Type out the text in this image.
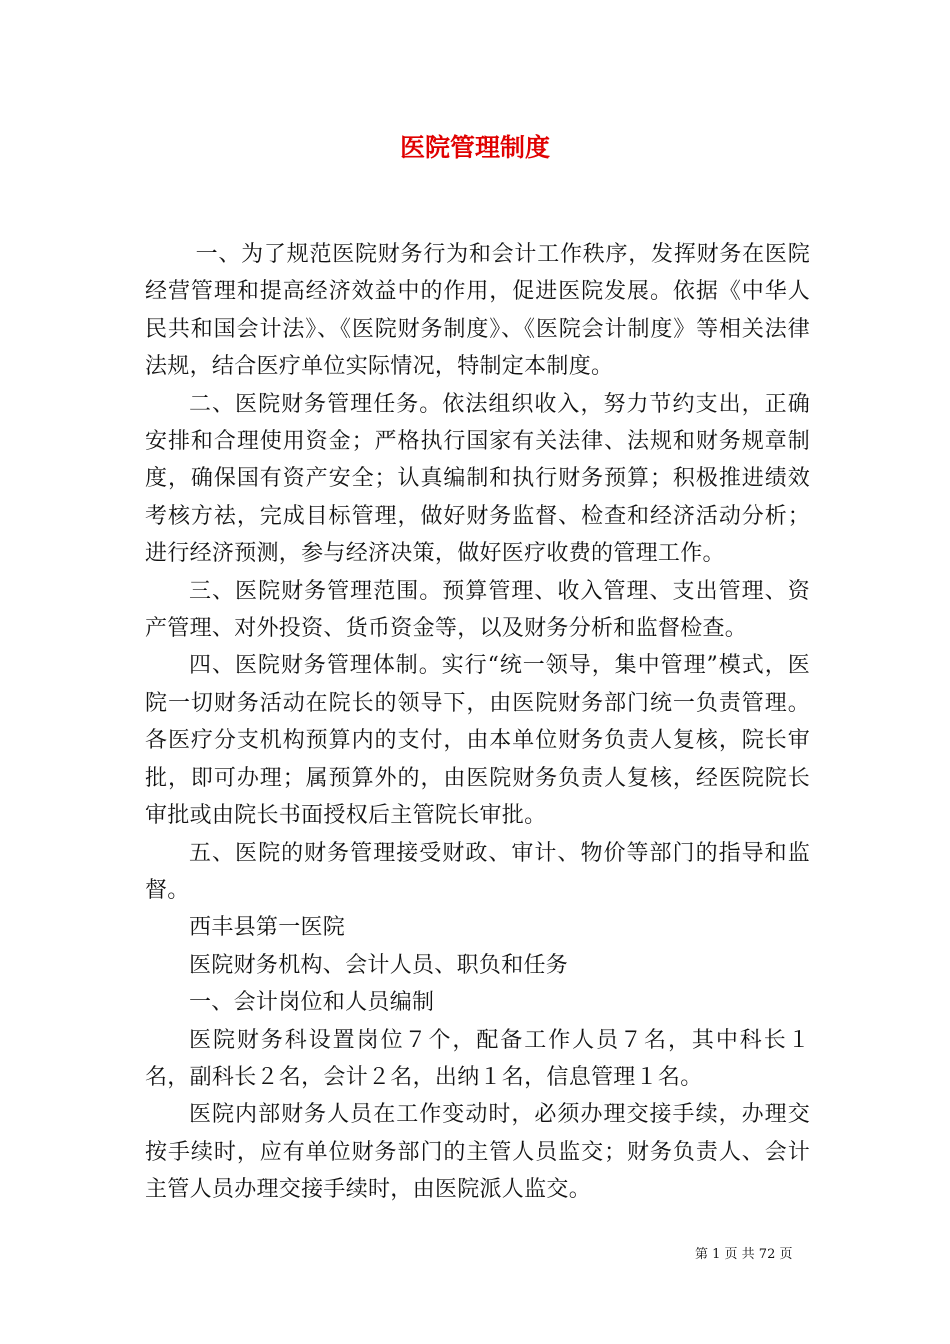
医院管理制度

一、为了规范医院财务行为和会计工作秩序，发挥财务在医院经营管理和提高经济效益中的作用，促进医院发展。依据《中华人民共和国会计法》、《医院财务制度》、《医院会计制度》等相关法律法规，结合医疗单位实际情况，特制定本制度。

二、医院财务管理任务。依法组织收入，努力节约支出，正确安排和合理使用资金；严格执行国家有关法律、法规和财务规章制度，确保国有资产安全；认真编制和执行财务预算；积极推进绩效考核方祛，完成目标管理，做好财务监督、检查和经济活动分析；进行经济预测，参与经济决策，做好医疗收费的管理工作。

三、医院财务管理范围。预算管理、收入管理、支出管理、资产管理、对外投资、货币资金等，以及财务分析和监督检查。

四、医院财务管理体制。实行“统一领导，集中管理”模式，医院一切财务活动在院长的领导下，由医院财务部门统一负责管理。各医疗分支机构预算内的支付，由本单位财务负责人复核，院长审批，即可办理；属预算外的，由医院财务负责人复核，经医院院长审批或由院长书面授权后主管院长审批。

五、医院的财务管理接受财政、审计、物价等部门的指导和监督。

西丰县第一医院

医院财务机构、会计人员、职负和任务

一、会计岗位和人员编制

医院财务科设置岗位７个，配备工作人员７名，其中科长１名，副科长２名，会计２名，出纳１名，信息管理１名。

医院内部财务人员在工作变动时，必须办理交接手续，办理交按手续时，应有单位财务部门的主管人员监交；财务负责人、会计主管人员办理交接手续时，由医院派人监交。

第 1 页 共 72 页
